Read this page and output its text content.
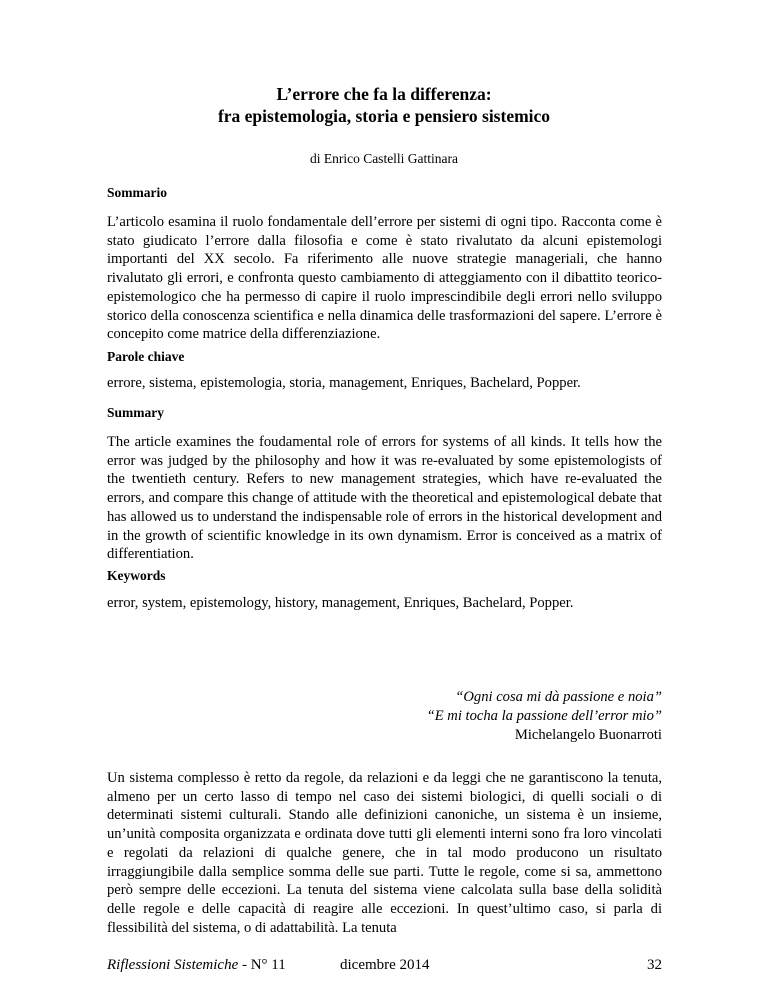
L’errore che fa la differenza:
fra epistemologia, storia e pensiero sistemico
di Enrico Castelli Gattinara
Sommario

L’articolo esamina il ruolo fondamentale dell’errore per sistemi di ogni tipo. Racconta come è stato giudicato l’errore dalla filosofia e come è stato rivalutato da alcuni epistemologi importanti del XX secolo. Fa riferimento alle nuove strategie manageriali, che hanno rivalutato gli errori, e confronta questo cambiamento di atteggiamento con il dibattito teorico-epistemologico che ha permesso di capire il ruolo imprescindibile degli errori nello sviluppo storico della conoscenza scientifica e nella dinamica delle trasformazioni del sapere. L’errore è concepito come matrice della differenziazione.

Parole chiave

errore, sistema, epistemologia, storia, management, Enriques, Bachelard, Popper.

Summary

The article examines the foudamental role of errors for systems of all kinds. It tells how the error was judged by the philosophy and how it was re-evaluated by some epistemologists of the twentieth century. Refers to new management strategies, which have re-evaluated the errors, and compare this change of attitude with the theoretical and epistemological debate that has allowed us to understand the indispensable role of errors in the historical development and in the growth of scientific knowledge in its own dynamism. Error is conceived as a matrix of differentiation.

Keywords

error, system, epistemology, history, management, Enriques, Bachelard, Popper.

“Ogni cosa mi dà passione e noia”
“E mi tocha la passione dell’error mio”
Michelangelo Buonarroti

Un sistema complesso è retto da regole, da relazioni e da leggi che ne garantiscono la tenuta, almeno per un certo lasso di tempo nel caso dei sistemi biologici, di quelli sociali o di determinati sistemi culturali. Stando alle definizioni canoniche, un sistema è un insieme, un’unità composita organizzata e ordinata dove tutti gli elementi interni sono fra loro vincolati e regolati da relazioni di qualche genere, che in tal modo producono un risultato irraggiungibile dalla semplice somma delle sue parti. Tutte le regole, come si sa, ammettono però sempre delle eccezioni. La tenuta del sistema viene calcolata sulla base della solidità delle regole e delle capacità di reagire alle eccezioni. In quest’ultimo caso, si parla di flessibilità del sistema, o di adattabilità. La tenuta

Riflessioni Sistemiche - N° 11	dicembre 2014	32
